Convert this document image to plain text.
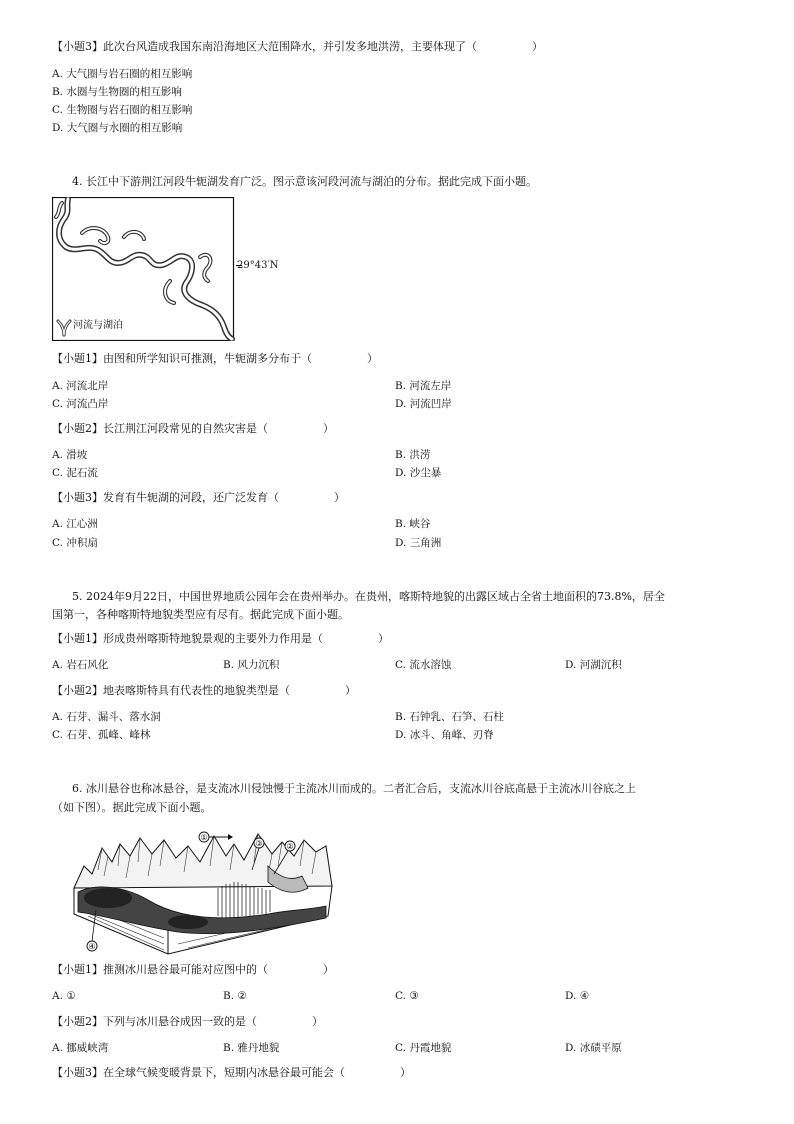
【小题3】此次台风造成我国东南沿海地区大范围降水，并引发多地洪涝，主要体现了（　　　　　）
A. 大气圈与岩石圈的相互影响
B. 水圈与生物圈的相互影响
C. 生物圈与岩石圈的相互影响
D. 大气圈与水圈的相互影响
4. 长江中下游荆江河段牛轭湖发育广泛。图示意该河段河流与湖泊的分布。据此完成下面小题。
29°43′N
河流与湖泊
【小题1】由图和所学知识可推测，牛轭湖多分布于（　　　　　）
A. 河流北岸	B. 河流左岸
C. 河流凸岸	D. 河流凹岸
【小题2】长江荆江河段常见的自然灾害是（　　　　　）
A. 滑坡	B. 洪涝
C. 泥石流	D. 沙尘暴
【小题3】发育有牛轭湖的河段，还广泛发育（　　　　　）
A. 江心洲	B. 峡谷
C. 冲积扇	D. 三角洲
5. 2024年9月22日，中国世界地质公园年会在贵州举办。在贵州，喀斯特地貌的出露区域占全省土地面积的73.8%，居全
国第一，各种喀斯特地貌类型应有尽有。据此完成下面小题。
【小题1】形成贵州喀斯特地貌景观的主要外力作用是（　　　　　）
A. 岩石风化	B. 风力沉积	C. 流水溶蚀	D. 河湖沉积
【小题2】地表喀斯特具有代表性的地貌类型是（　　　　　）
A. 石芽、漏斗、落水洞	B. 石钟乳、石笋、石柱
C. 石芽、孤峰、峰林	D. 冰斗、角峰、刃脊
6. 冰川悬谷也称冰悬谷，是支流冰川侵蚀慢于主流冰川而成的。二者汇合后，支流冰川谷底高悬于主流冰川谷底之上
（如下图）。据此完成下面小题。
①
③	②
④
【小题1】推测冰川悬谷最可能对应图中的（　　　　　）
A. ①	B. ②	C. ③	D. ④
【小题2】下列与冰川悬谷成因一致的是（　　　　　）
A. 挪威峡湾	B. 雅丹地貌	C. 丹霞地貌	D. 冰碛平原
【小题3】在全球气候变暖背景下，短期内冰悬谷最可能会（　　　　　）
